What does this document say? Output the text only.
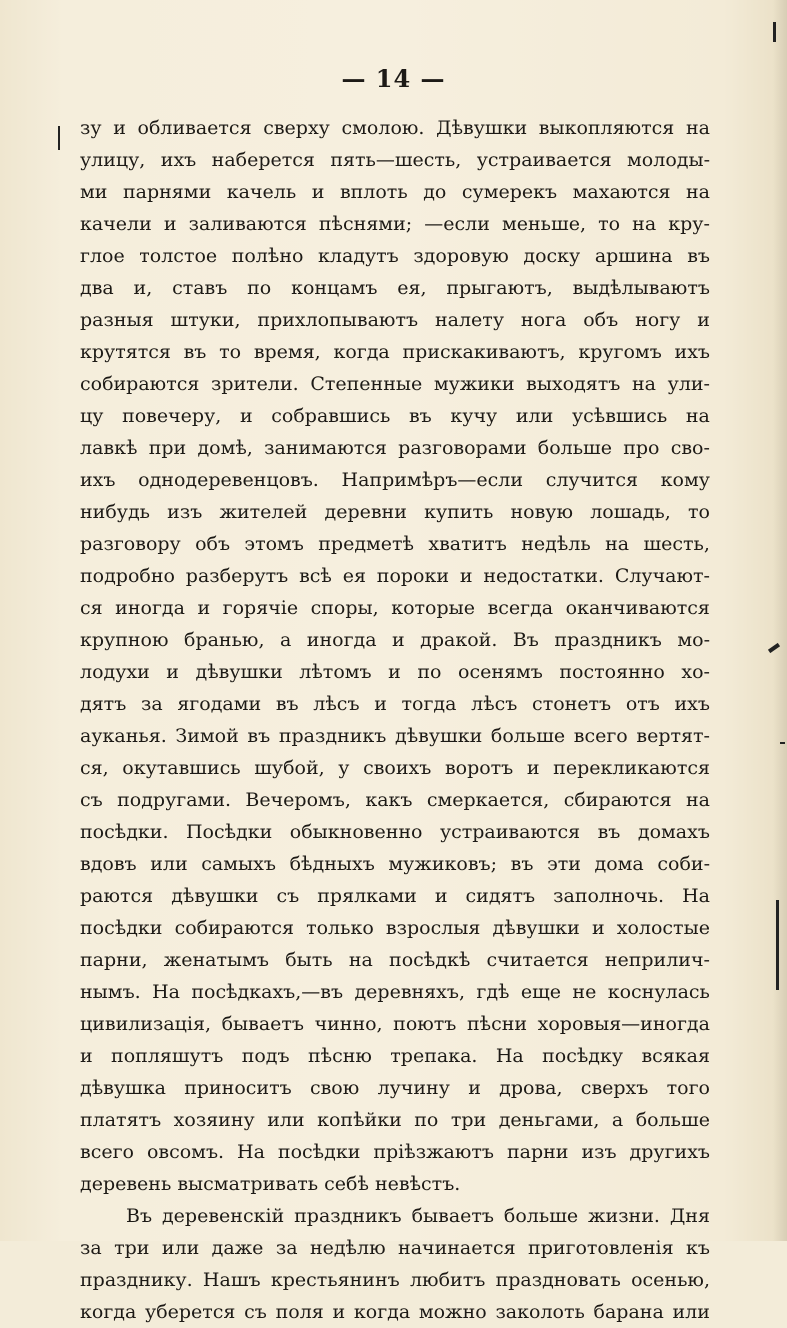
— 14 —
зу и обливается сверху смолою. Дѣвушки выкопляются на
улицу, ихъ наберется пять—шесть, устраивается молоды-
ми парнями качель и вплоть до сумерекъ махаются на
качели и заливаются пѣснями; —если меньше, то на кру-
глое толстое полѣно кладутъ здоровую доску аршина въ
два и, ставъ по концамъ ея, прыгаютъ, выдѣлываютъ
разныя штуки, прихлопываютъ налету нога объ ногу и
крутятся въ то время, когда прискакиваютъ, кругомъ ихъ
собираются зрители. Степенные мужики выходятъ на ули-
цу повечеру, и собравшись въ кучу или усѣвшись на
лавкѣ при домѣ, занимаются разговорами больше про сво-
ихъ однодеревенцовъ. Напримѣръ—если случится кому
нибудь изъ жителей деревни купить новую лошадь, то
разговору объ этомъ предметѣ хватитъ недѣль на шесть,
подробно разберутъ всѣ ея пороки и недостатки. Случают-
ся иногда и горячіе споры, которые всегда оканчиваются
крупною бранью, а иногда и дракой. Въ праздникъ мо-
лодухи и дѣвушки лѣтомъ и по осенямъ постоянно хо-
дятъ за ягодами въ лѣсъ и тогда лѣсъ стонетъ отъ ихъ
ауканья. Зимой въ праздникъ дѣвушки больше всего вертят-
ся, окутавшись шубой, у своихъ воротъ и перекликаются
съ подругами. Вечеромъ, какъ смеркается, сбираются на
посѣдки. Посѣдки обыкновенно устраиваются въ домахъ
вдовъ или самыхъ бѣдныхъ мужиковъ; въ эти дома соби-
раются дѣвушки съ прялками и сидятъ заполночь. На
посѣдки собираются только взрослыя дѣвушки и холостые
парни, женатымъ быть на посѣдкѣ считается неприлич-
нымъ. На посѣдкахъ,—въ деревняхъ, гдѣ еще не коснулась
цивилизація, бываетъ чинно, поютъ пѣсни хоровыя—иногда
и попляшутъ подъ пѣсню трепака. На посѣдку всякая
дѣвушка приноситъ свою лучину и дрова, сверхъ того
платятъ хозяину или копѣйки по три деньгами, а больше
всего овсомъ. На посѣдки пріѣзжаютъ парни изъ другихъ
деревень высматривать себѣ невѣстъ.
Въ деревенскій праздникъ бываетъ больше жизни. Дня
за три или даже за недѣлю начинается приготовленія къ
празднику. Нашъ крестьянинъ любитъ праздновать осенью,
когда уберется съ поля и когда можно заколоть барана или
